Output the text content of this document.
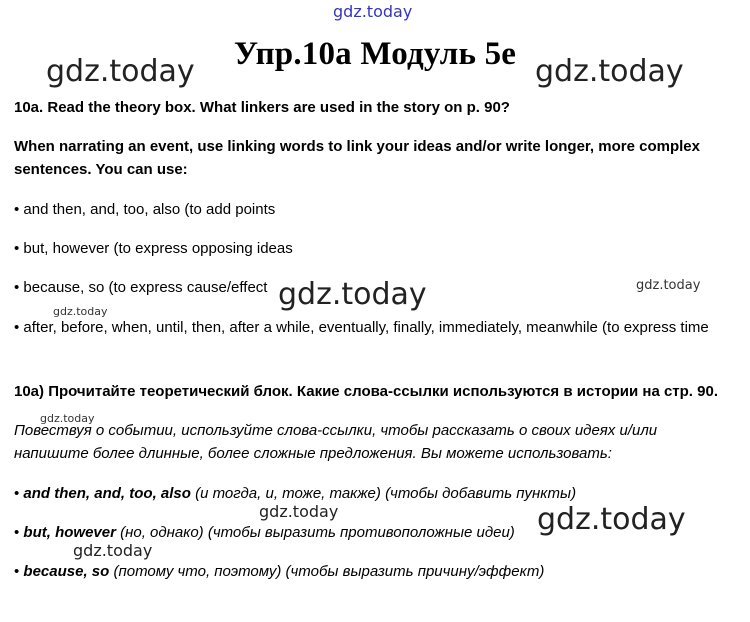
gdz.today
gdz.today	gdz.today
gdz.today	gdz.today
gdz.today
gdz.today
gdz.today	gdz.today
gdz.today
Упр.10а Модуль 5е
10a. Read the theory box. What linkers are used in the story on p. 90?
When narrating an event, use linking words to link your ideas and/or write longer, more complex sentences. You can use:
• and then, and, too, also (to add points
• but, however (to express opposing ideas
• because, so (to express cause/effect
• after, before, when, until, then, after a while, eventually, finally, immediately, meanwhile (to express time
10а) Прочитайте теоретический блок. Какие слова-ссылки используются в истории на стр. 90.
Повествуя о событии, используйте слова-ссылки, чтобы рассказать о своих идеях и/или напишите более длинные, более сложные предложения. Вы можете использовать:
• and then, and, too, also (и тогда, и, тоже, также) (чтобы добавить пункты)
• but, however (но, однако) (чтобы выразить противоположные идеи)
• because, so (потому что, поэтому) (чтобы выразить причину/эффект)
